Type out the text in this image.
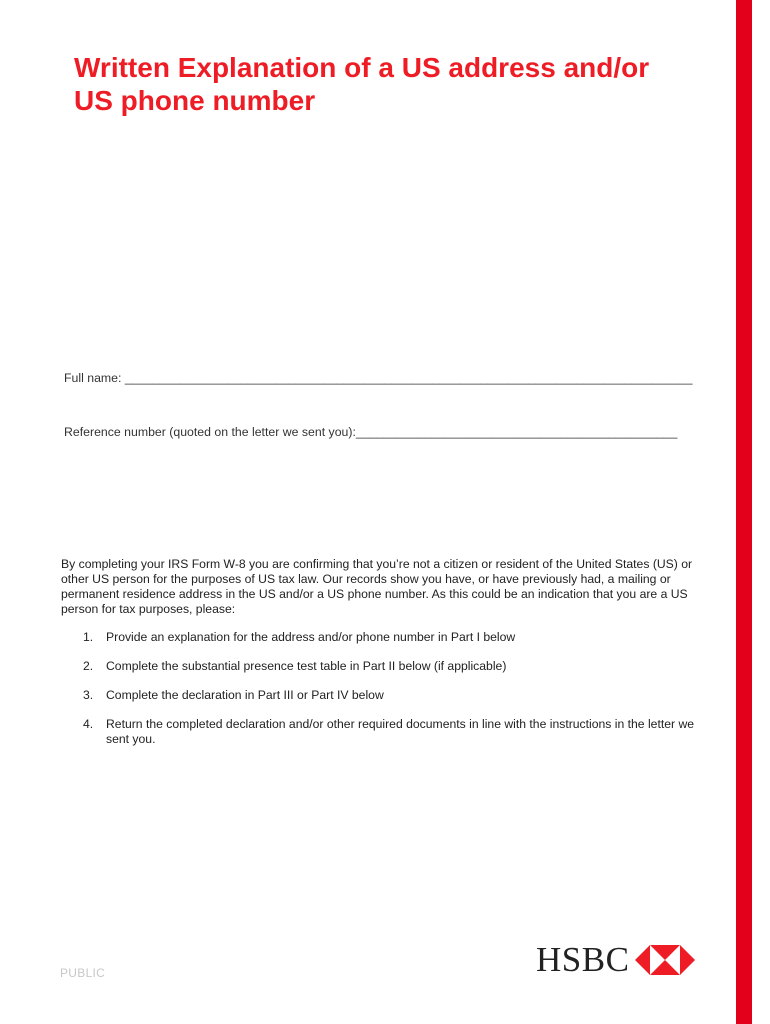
Written Explanation of a US address and/or US phone number
Full name: ___________________________________________________________________________________
Reference number (quoted on the letter we sent you):_______________________________________________

By completing your IRS Form W-8 you are confirming that you’re not a citizen or resident of the United States (US) or other US person for the purposes of US tax law. Our records show you have, or have previously had, a mailing or permanent residence address in the US and/or a US phone number. As this could be an indication that you are a US person for tax purposes, please:

1. Provide an explanation for the address and/or phone number in Part I below
2. Complete the substantial presence test table in Part II below (if applicable)
3. Complete the declaration in Part III or Part IV below
4. Return the completed declaration and/or other required documents in line with the instructions in the letter we sent you.
PUBLIC	HSBC
